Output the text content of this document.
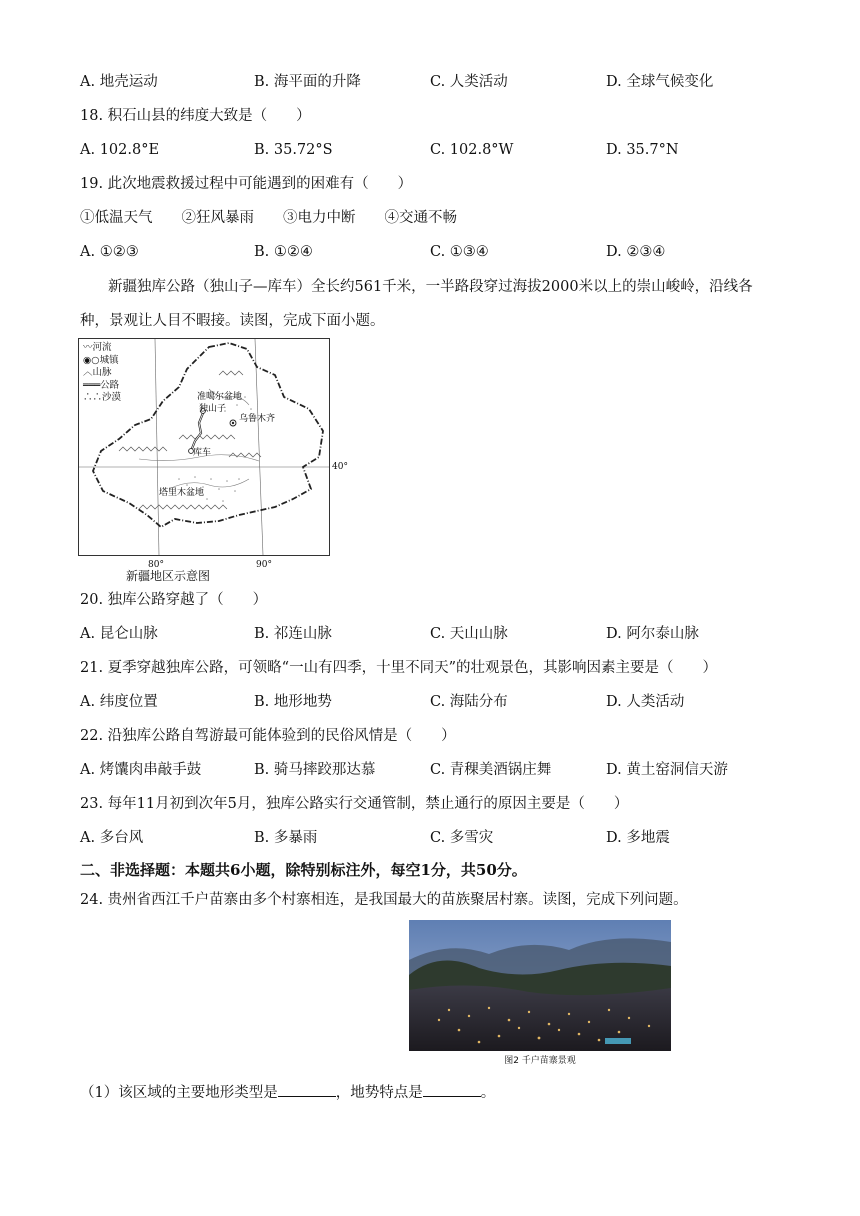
A. 地壳运动	B. 海平面的升降	C. 人类活动	D. 全球气候变化
18. 积石山县的纬度大致是（　　）
A. 102.8°E	B. 35.72°S	C. 102.8°W	D. 35.7°N
19. 此次地震救援过程中可能遇到的困难有（　　）
①低温天气　　②狂风暴雨　　③电力中断　　④交通不畅
A. ①②③	B. ①②④	C. ①③④	D. ②③④
新疆独库公路（独山子—库车）全长约561千米，一半路段穿过海拔2000米以上的崇山峻岭，沿线各种，景观让人目不暇接。读图，完成下面小题。
准噶尔盆地
独山子
乌鲁木齐
库车
塔里木盆地
〰河流
◉○城镇
︿山脉
═══公路
∴∴沙漠
40°
80°	90°
新疆地区示意图
20. 独库公路穿越了（　　）
A. 昆仑山脉	B. 祁连山脉	C. 天山山脉	D. 阿尔泰山脉
21. 夏季穿越独库公路，可领略“一山有四季，十里不同天”的壮观景色，其影响因素主要是（　　）
A. 纬度位置	B. 地形地势	C. 海陆分布	D. 人类活动
22. 沿独库公路自驾游最可能体验到的民俗风情是（　　）
A. 烤馕肉串敲手鼓	B. 骑马摔跤那达慕	C. 青稞美酒锅庄舞	D. 黄土窑洞信天游
23. 每年11月初到次年5月，独库公路实行交通管制，禁止通行的原因主要是（　　）
A. 多台风	B. 多暴雨	C. 多雪灾	D. 多地震
二、非选择题：本题共6小题，除特别标注外，每空1分，共50分。
24. 贵州省西江千户苗寨由多个村寨相连，是我国最大的苗族聚居村寨。读图，完成下列问题。
图2 千户苗寨景观
（1）该区域的主要地形类型是	，地势特点是	。
